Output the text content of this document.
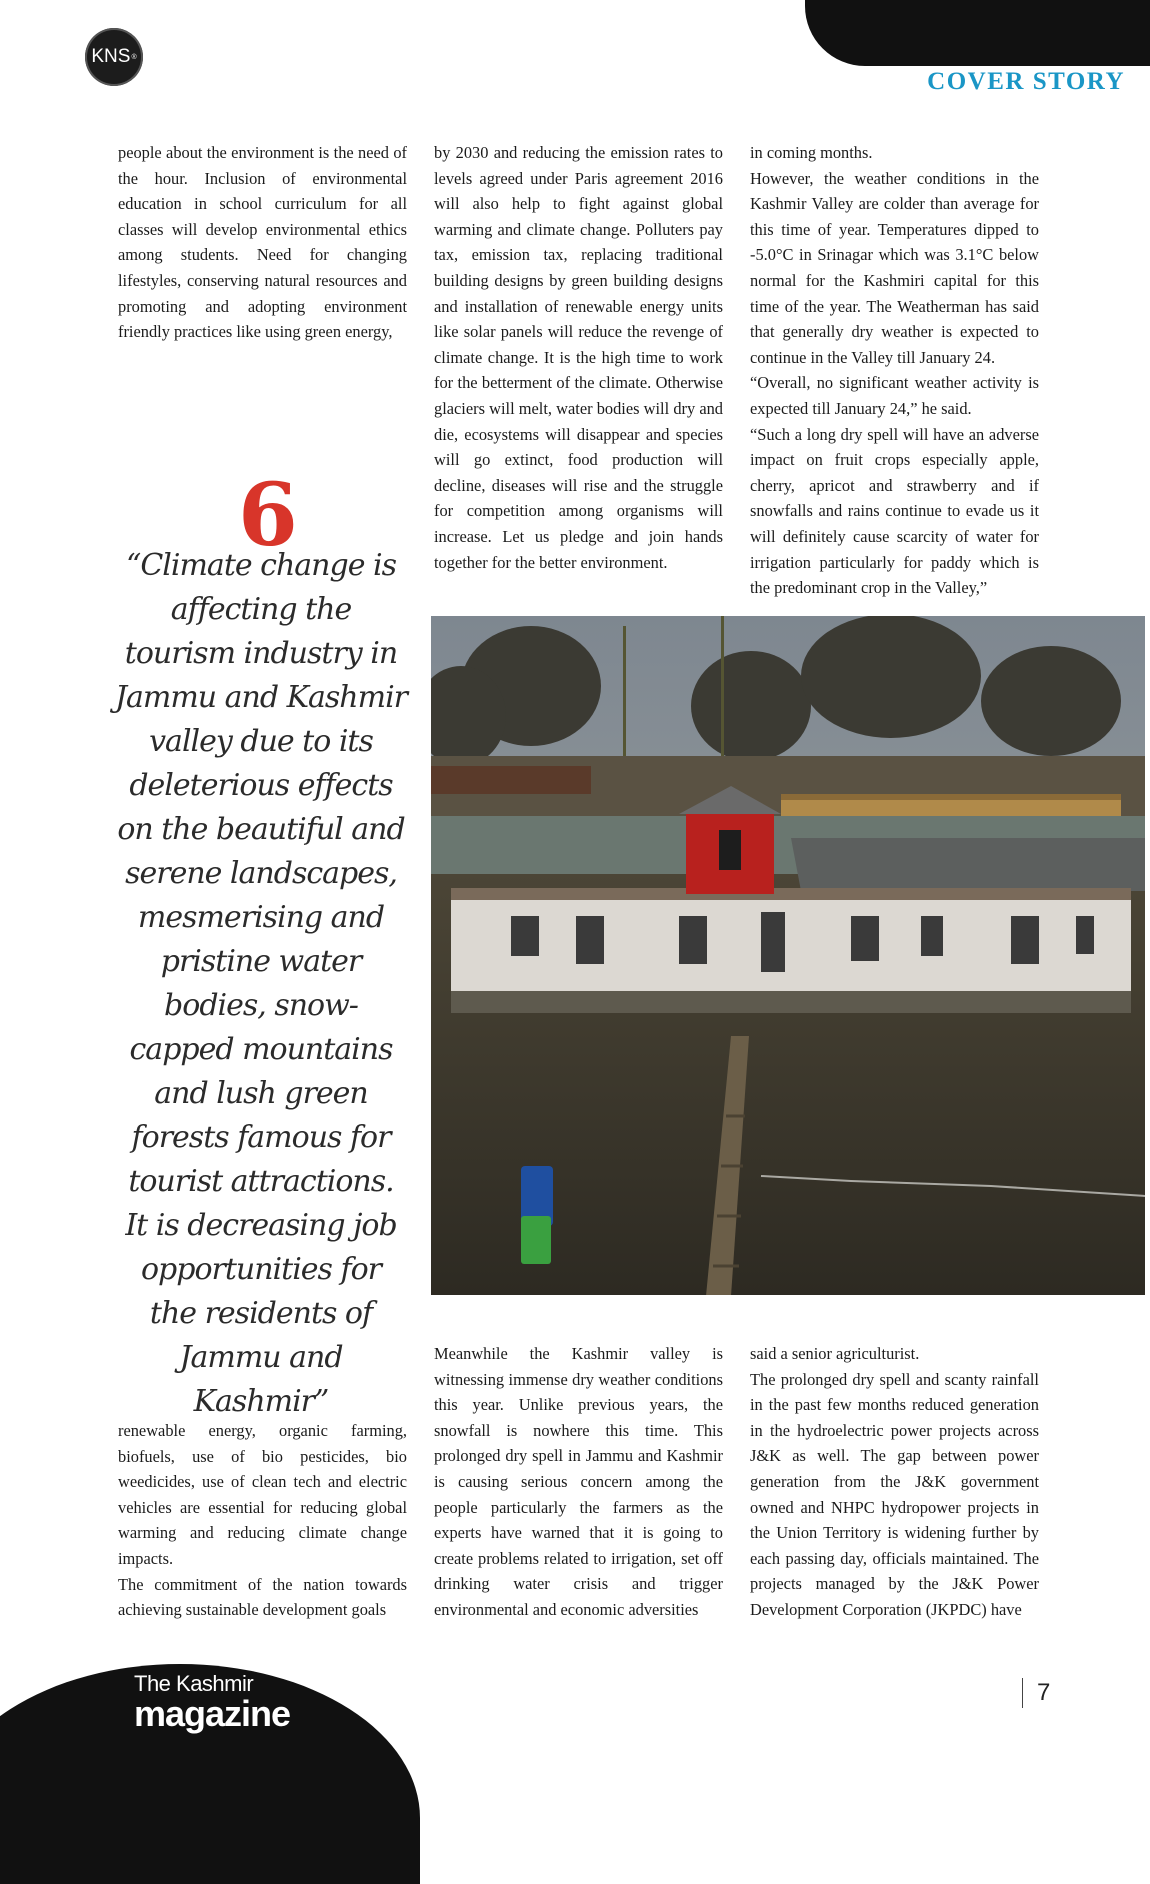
COVER STORY
KNS ®

people about the environment is the need of the hour. Inclusion of environmental education in school curriculum for all classes will develop environmental ethics among students. Need for changing lifestyles, conserving natural resources and promoting and adopting environment friendly practices like using green energy,

by 2030 and reducing the emission rates to levels agreed under Paris agreement 2016 will also help to fight against global warming and climate change. Polluters pay tax, emission tax, replacing traditional building designs by green building designs and installation of renewable energy units like solar panels will reduce the revenge of climate change. It is the high time to work for the betterment of the climate. Otherwise glaciers will melt, water bodies will dry and die, ecosystems will disappear and species will go extinct, food production will decline, diseases will rise and the struggle for competition among organisms will increase. Let us pledge and join hands together for the better environment.

in coming months.

However, the weather conditions in the Kashmir Valley are colder than average for this time of year. Temperatures dipped to -5.0°C in Srinagar which was 3.1°C below normal for the Kashmiri capital for this time of the year. The Weatherman has said that generally dry weather is expected to continue in the Valley till January 24.

“Overall, no significant weather activity is expected till January 24,” he said.

“Such a long dry spell will have an adverse impact on fruit crops especially apple, cherry, apricot and strawberry and if snowfalls and rains continue to evade us it will definitely cause scarcity of water for irrigation particularly for paddy which is the predominant crop in the Valley,”

6
“Climate change is affecting the tourism industry in Jammu and Kashmir valley due to its deleterious effects on the beautiful and serene landscapes, mesmerising and pristine water bodies, snow-capped mountains and lush green forests famous for tourist attractions. It is decreasing job opportunities for the residents of Jammu and Kashmir”

renewable energy, organic farming, biofuels, use of bio pesticides, bio weedicides, use of clean tech and electric vehicles are essential for reducing global warming and reducing climate change impacts.

The commitment of the nation towards achieving sustainable development goals

Meanwhile the Kashmir valley is witnessing immense dry weather conditions this year. Unlike previous years, the snowfall is nowhere this time. This prolonged dry spell in Jammu and Kashmir is causing serious concern among the people particularly the farmers as the experts have warned that it is going to create problems related to irrigation, set off drinking water crisis and trigger environmental and economic adversities

said a senior agriculturist.

The prolonged dry spell and scanty rainfall in the past few months reduced generation in the hydroelectric power projects across J&K as well. The gap between power generation from the J&K government owned and NHPC hydropower projects in the Union Territory is widening further by each passing day, officials maintained. The projects managed by the J&K Power Development Corporation (JKPDC) have

The Kashmir
magazine
7
